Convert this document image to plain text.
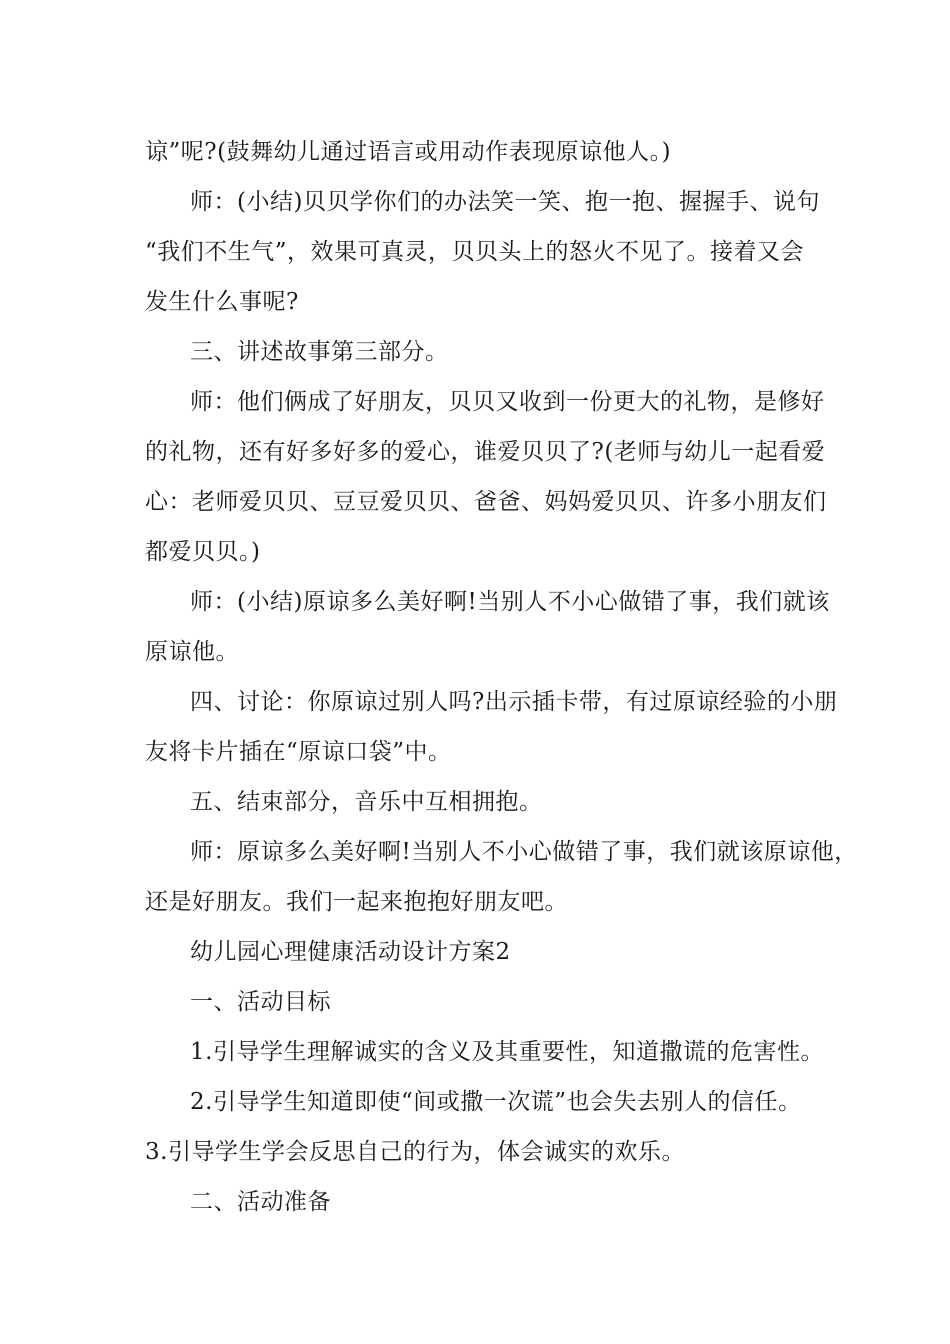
谅”呢?(鼓舞幼儿通过语言或用动作表现原谅他人。)

师：(小结)贝贝学你们的办法笑一笑、抱一抱、握握手、说句

“我们不生气”，效果可真灵，贝贝头上的怒火不见了。接着又会

发生什么事呢?

三、讲述故事第三部分。

师：他们俩成了好朋友，贝贝又收到一份更大的礼物，是修好

的礼物，还有好多好多的爱心，谁爱贝贝了?(老师与幼儿一起看爱

心：老师爱贝贝、豆豆爱贝贝、爸爸、妈妈爱贝贝、许多小朋友们

都爱贝贝。)

师：(小结)原谅多么美好啊!当别人不小心做错了事，我们就该

原谅他。

四、讨论：你原谅过别人吗?出示插卡带，有过原谅经验的小朋

友将卡片插在“原谅口袋”中。

五、结束部分，音乐中互相拥抱。

师：原谅多么美好啊!当别人不小心做错了事，我们就该原谅他，

还是好朋友。我们一起来抱抱好朋友吧。

幼儿园心理健康活动设计方案2

一、活动目标

1.引导学生理解诚实的含义及其重要性，知道撒谎的危害性。

2.引导学生知道即使“间或撒一次谎”也会失去别人的信任。

3.引导学生学会反思自己的行为，体会诚实的欢乐。

二、活动准备
